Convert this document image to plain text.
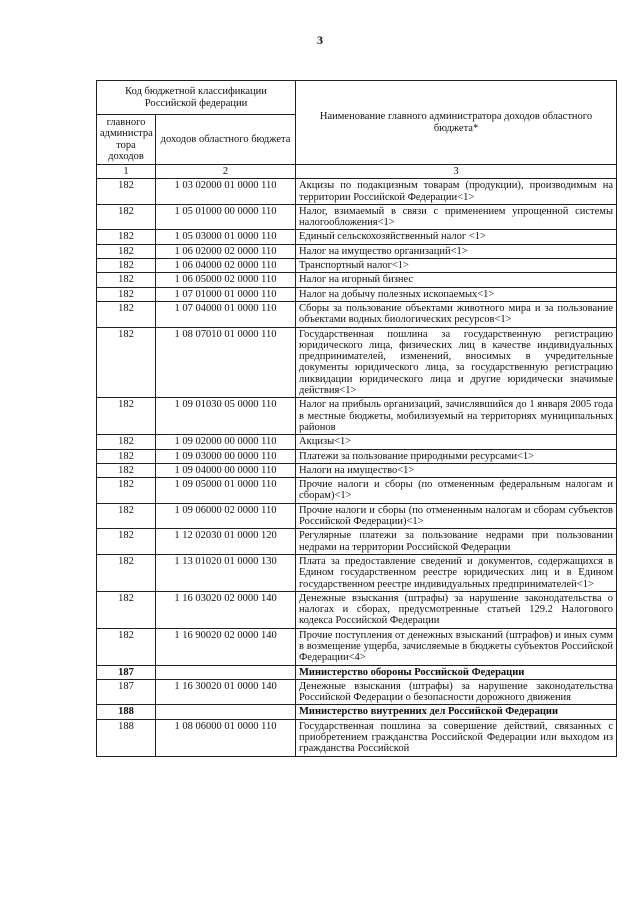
3
Код бюджетной классификации Российской федерации		Наименование главного администратора доходов областного бюджета*
главного администра тора доходов	доходов областного бюджета	
1	2	3
182	1 03 02000 01 0000 110	Акцизы по подакцизным товарам (продукции), производимым на территории Российской Федерации<1>
182	1 05 01000 00 0000 110	Налог, взимаемый в связи с применением упрощенной системы налогообложения<1>
182	1 05 03000 01 0000 110	Единый сельскохозяйственный налог <1>
182	1 06 02000 02 0000 110	Налог на имущество организаций<1>
182	1 06 04000 02 0000 110	Транспортный налог<1>
182	1 06 05000 02 0000 110	Налог на игорный бизнес
182	1 07 01000 01 0000 110	Налог на добычу полезных ископаемых<1>
182	1 07 04000 01 0000 110	Сборы за пользование объектами животного мира и за пользование объектами водных биологических ресурсов<1>
182	1 08 07010 01 0000 110	Государственная пошлина за государственную регистрацию юридического лица, физических лиц в качестве индивидуальных предпринимателей, изменений, вносимых в учредительные документы юридического лица, за государственную регистрацию ликвидации юридического лица и другие юридически значимые действия<1>
182	1 09 01030 05 0000 110	Налог на прибыль организаций, зачислявшийся до 1 января 2005 года в местные бюджеты, мобилизуемый на территориях муниципальных районов
182	1 09 02000 00 0000 110	Акцизы<1>
182	1 09 03000 00 0000 110	Платежи за пользование природными ресурсами<1>
182	1 09 04000 00 0000 110	Налоги на имущество<1>
182	1 09 05000 01 0000 110	Прочие налоги и сборы (по отмененным федеральным налогам и сборам)<1>
182	1 09 06000 02 0000 110	Прочие налоги и сборы (по отмененным налогам и сборам субъектов Российской Федерации)<1>
182	1 12 02030 01 0000 120	Регулярные платежи за пользование недрами при пользовании недрами на территории Российской Федерации
182	1 13 01020 01 0000 130	Плата за предоставление сведений и документов, содержащихся в Едином государственном реестре юридических лиц и в Едином государственном реестре индивидуальных предпринимателей<1>
182	1 16 03020 02 0000 140	Денежные взыскания (штрафы) за нарушение законодательства о налогах и сборах, предусмотренные статьей 129.2 Налогового кодекса Российской Федерации
182	1 16 90020 02 0000 140	Прочие поступления от денежных взысканий (штрафов) и иных сумм в возмещение ущерба, зачисляемые в бюджеты субъектов Российской Федерации<4>
187		Министерство обороны Российской Федерации
187	1 16 30020 01 0000 140	Денежные взыскания (штрафы) за нарушение законодательства Российской Федерации о безопасности дорожного движения
188		Министерство внутренних дел Российской Федерации
188	1 08 06000 01 0000 110	Государственная пошлина за совершение действий, связанных с приобретением гражданства Российской Федерации или выходом из гражданства Российской
